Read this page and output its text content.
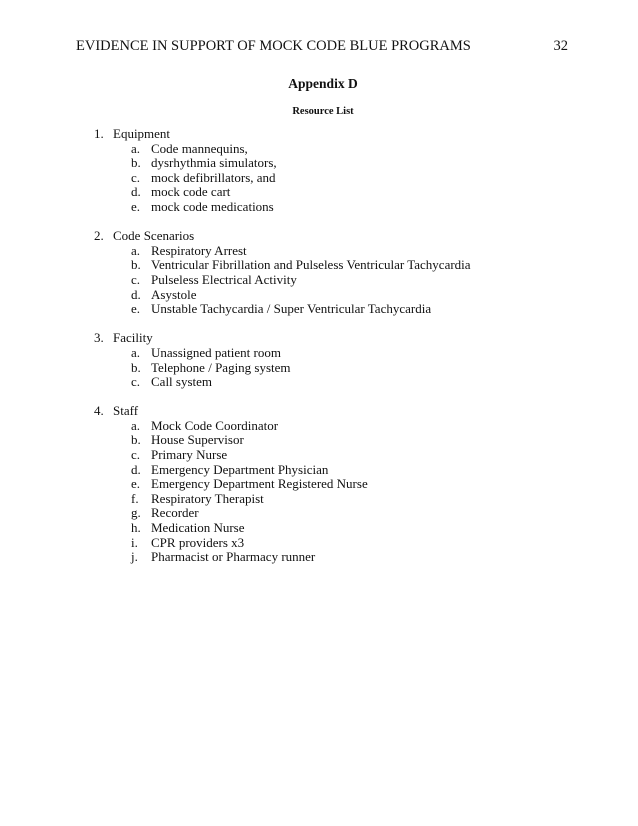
EVIDENCE IN SUPPORT OF MOCK CODE BLUE PROGRAMS	32
Appendix D
Resource List
1. Equipment
a. Code mannequins,
b. dysrhythmia simulators,
c. mock defibrillators, and
d. mock code cart
e. mock code medications
2. Code Scenarios
a. Respiratory Arrest
b. Ventricular Fibrillation and Pulseless Ventricular Tachycardia
c. Pulseless Electrical Activity
d. Asystole
e. Unstable Tachycardia / Super Ventricular Tachycardia
3. Facility
a. Unassigned patient room
b. Telephone / Paging system
c. Call system
4. Staff
a. Mock Code Coordinator
b. House Supervisor
c. Primary Nurse
d. Emergency Department Physician
e. Emergency Department Registered Nurse
f. Respiratory Therapist
g. Recorder
h. Medication Nurse
i.	CPR providers x3
j.	Pharmacist or Pharmacy runner
